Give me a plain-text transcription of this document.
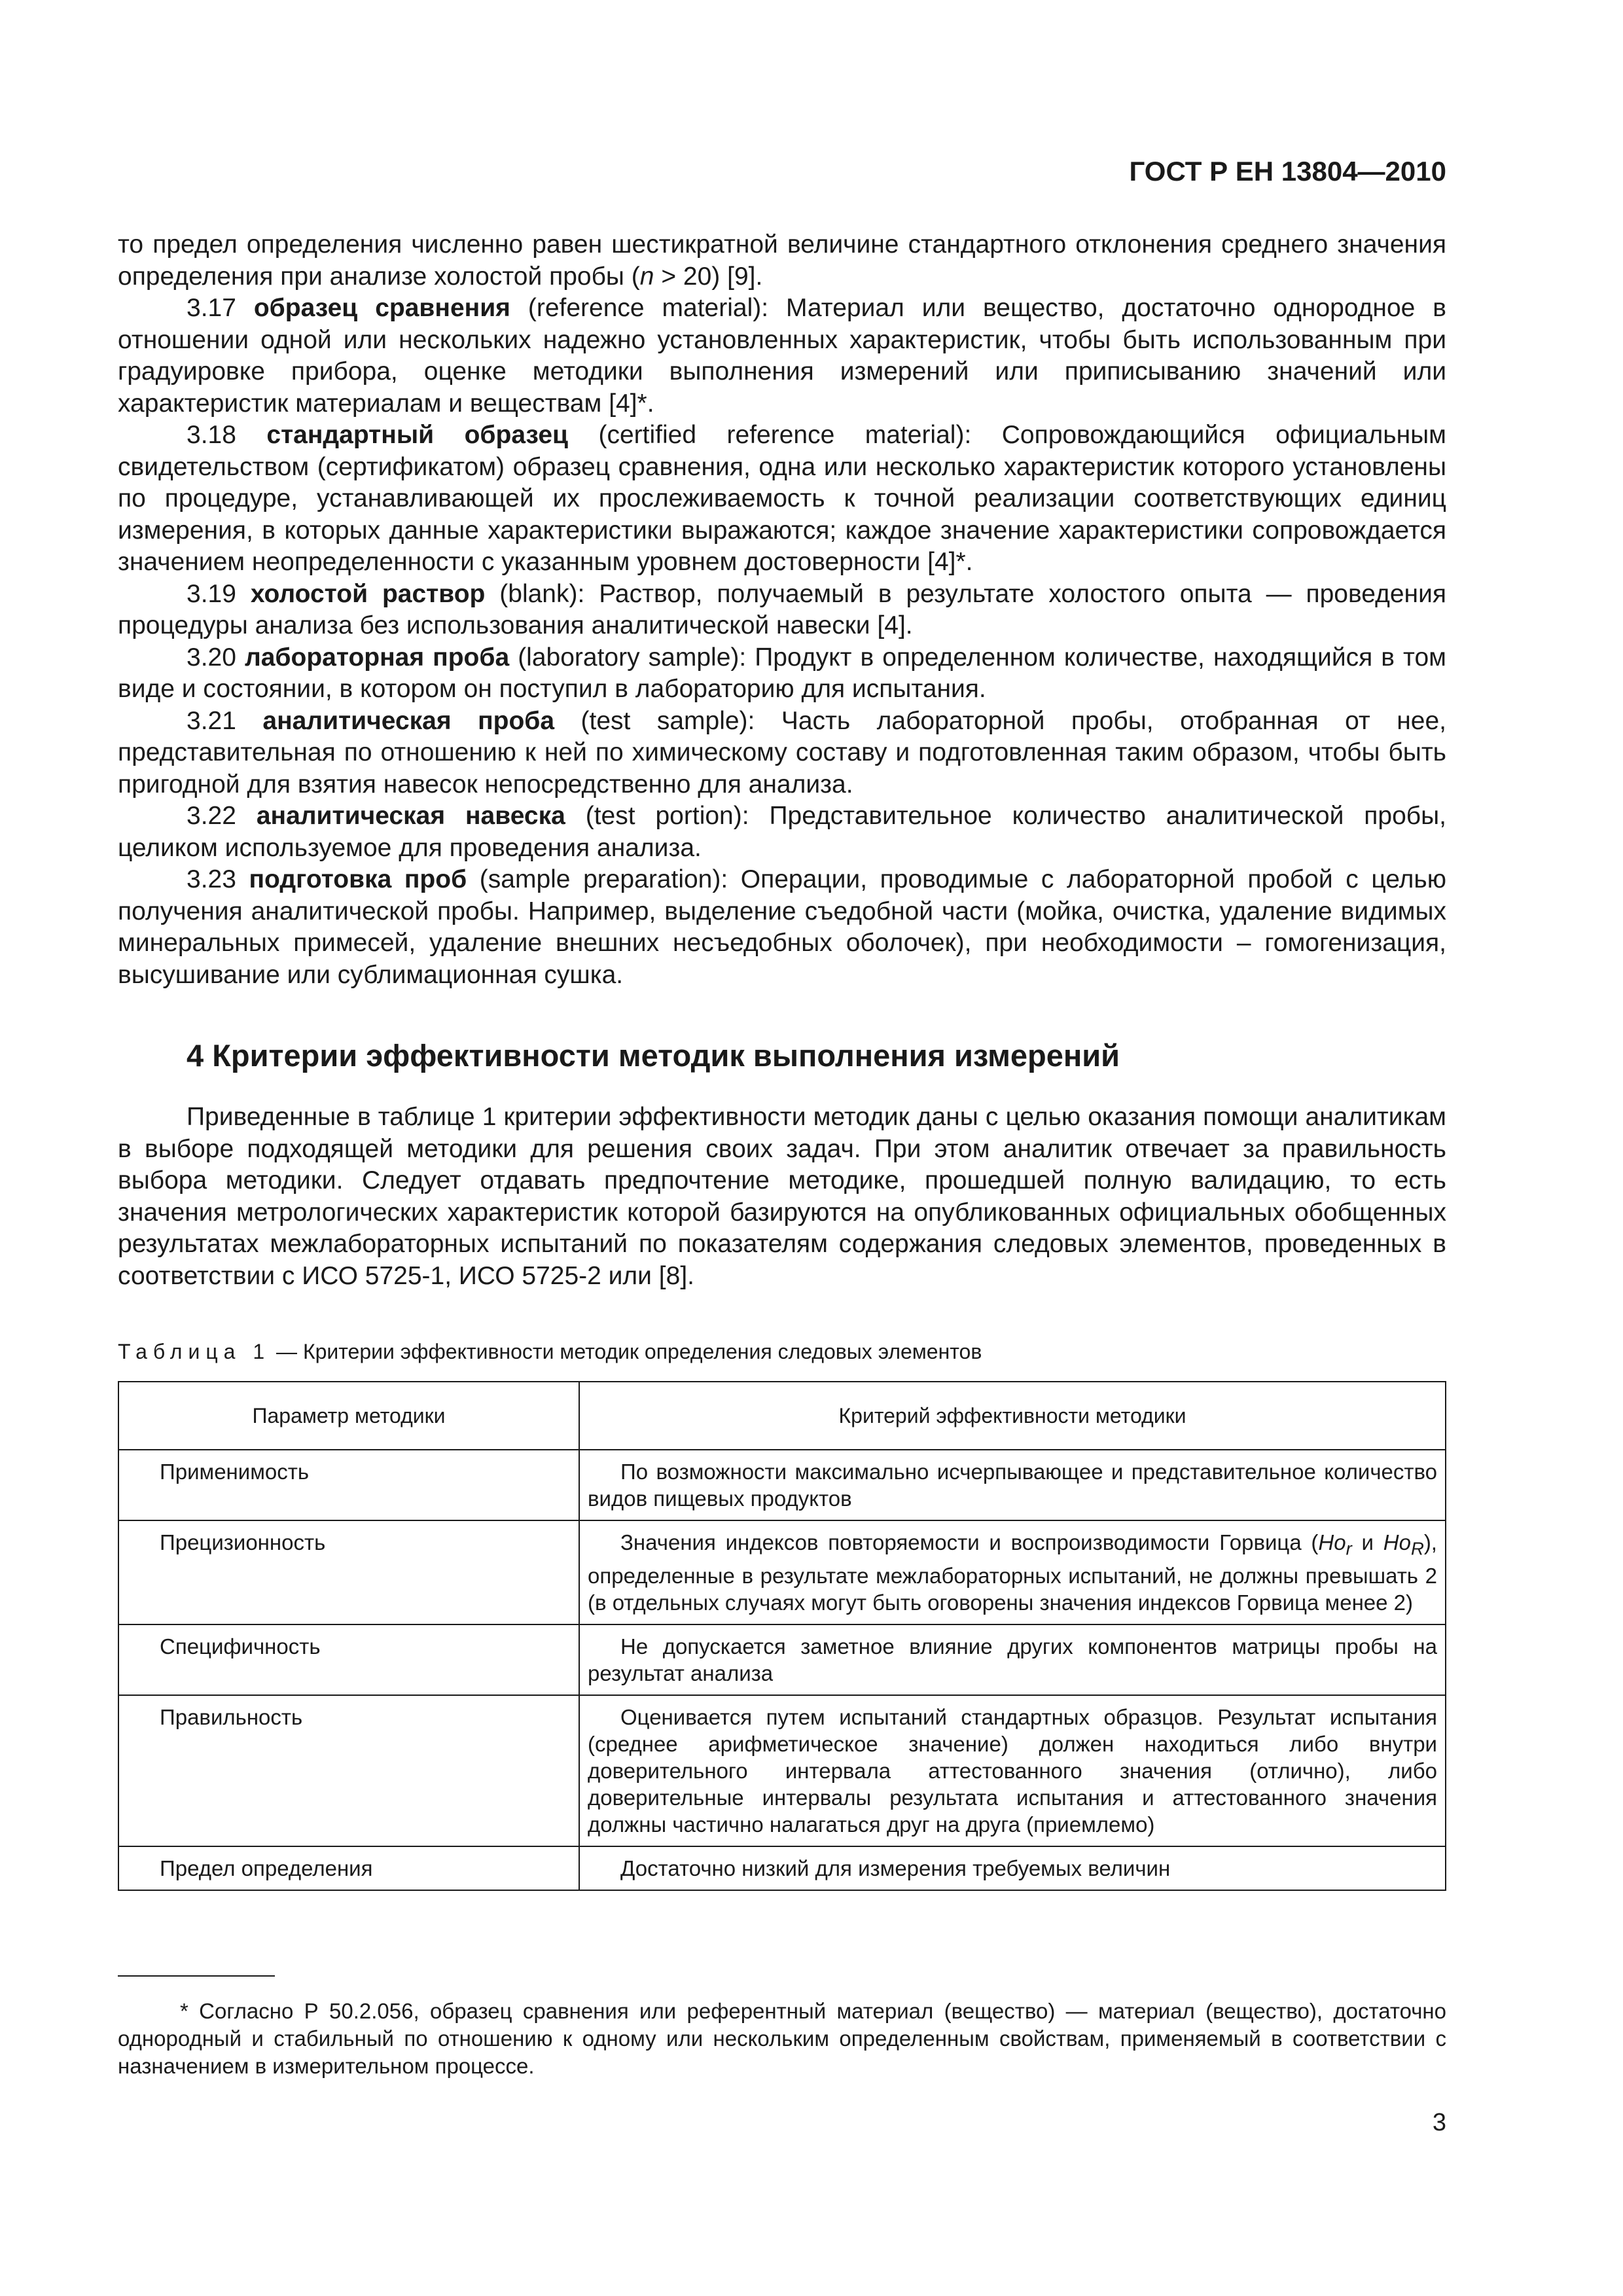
ГОСТ Р ЕН 13804—2010

то предел определения численно равен шестикратной величине стандартного отклонения среднего значения определения при анализе холостой пробы (n > 20) [9].

3.17 образец сравнения (reference material): Материал или вещество, достаточно однородное в отношении одной или нескольких надежно установленных характеристик, чтобы быть использованным при градуировке прибора, оценке методики выполнения измерений или приписыванию значений или характеристик материалам и веществам [4]*.

3.18 стандартный образец (certified reference material): Сопровождающийся официальным свидетельством (сертификатом) образец сравнения, одна или несколько характеристик которого установлены по процедуре, устанавливающей их прослеживаемость к точной реализации соответствующих единиц измерения, в которых данные характеристики выражаются; каждое значение характеристики сопровождается значением неопределенности с указанным уровнем достоверности [4]*.

3.19 холостой раствор (blank): Раствор, получаемый в результате холостого опыта — проведения процедуры анализа без использования аналитической навески [4].

3.20 лабораторная проба (laboratory sample): Продукт в определенном количестве, находящийся в том виде и состоянии, в котором он поступил в лабораторию для испытания.

3.21 аналитическая проба (test sample): Часть лабораторной пробы, отобранная от нее, представительная по отношению к ней по химическому составу и подготовленная таким образом, чтобы быть пригодной для взятия навесок непосредственно для анализа.

3.22 аналитическая навеска (test portion): Представительное количество аналитической пробы, целиком используемое для проведения анализа.

3.23 подготовка проб (sample preparation): Операции, проводимые с лабораторной пробой с целью получения аналитической пробы. Например, выделение съедобной части (мойка, очистка, удаление видимых минеральных примесей, удаление внешних несъедобных оболочек), при необходимости – гомогенизация, высушивание или сублимационная сушка.

4 Критерии эффективности методик выполнения измерений

Приведенные в таблице 1 критерии эффективности методик даны с целью оказания помощи аналитикам в выборе подходящей методики для решения своих задач. При этом аналитик отвечает за правильность выбора методики. Следует отдавать предпочтение методике, прошедшей полную валидацию, то есть значения метрологических характеристик которой базируются на опубликованных официальных обобщенных результатах межлабораторных испытаний по показателям содержания следовых элементов, проведенных в соответствии с ИСО 5725-1, ИСО 5725-2 или [8].

Таблица 1 — Критерии эффективности методик определения следовых элементов
Параметр методики	Критерий эффективности методики
Применимость	По возможности максимально исчерпывающее и представительное количество видов пищевых продуктов
Прецизионность	Значения индексов повторяемости и воспроизводимости Горвица ($Ho_r$ и $Ho_R$), определенные в результате межлабораторных испытаний, не должны превышать 2 (в отдельных случаях могут быть оговорены значения индексов Горвица менее 2)
Специфичность	Не допускается заметное влияние других компонентов матрицы пробы на результат анализа
Правильность	Оценивается путем испытаний стандартных образцов. Результат испытания (среднее арифметическое значение) должен находиться либо внутри доверительного интервала аттестованного значения (отлично), либо доверительные интервалы результата испытания и аттестованного значения должны частично налагаться друг на друга (приемлемо)
Предел определения	Достаточно низкий для измерения требуемых величин
* Согласно Р 50.2.056, образец сравнения или референтный материал (вещество) — материал (вещество), достаточно однородный и стабильный по отношению к одному или нескольким определенным свойствам, применяемый в соответствии с назначением в измерительном процессе.
3
